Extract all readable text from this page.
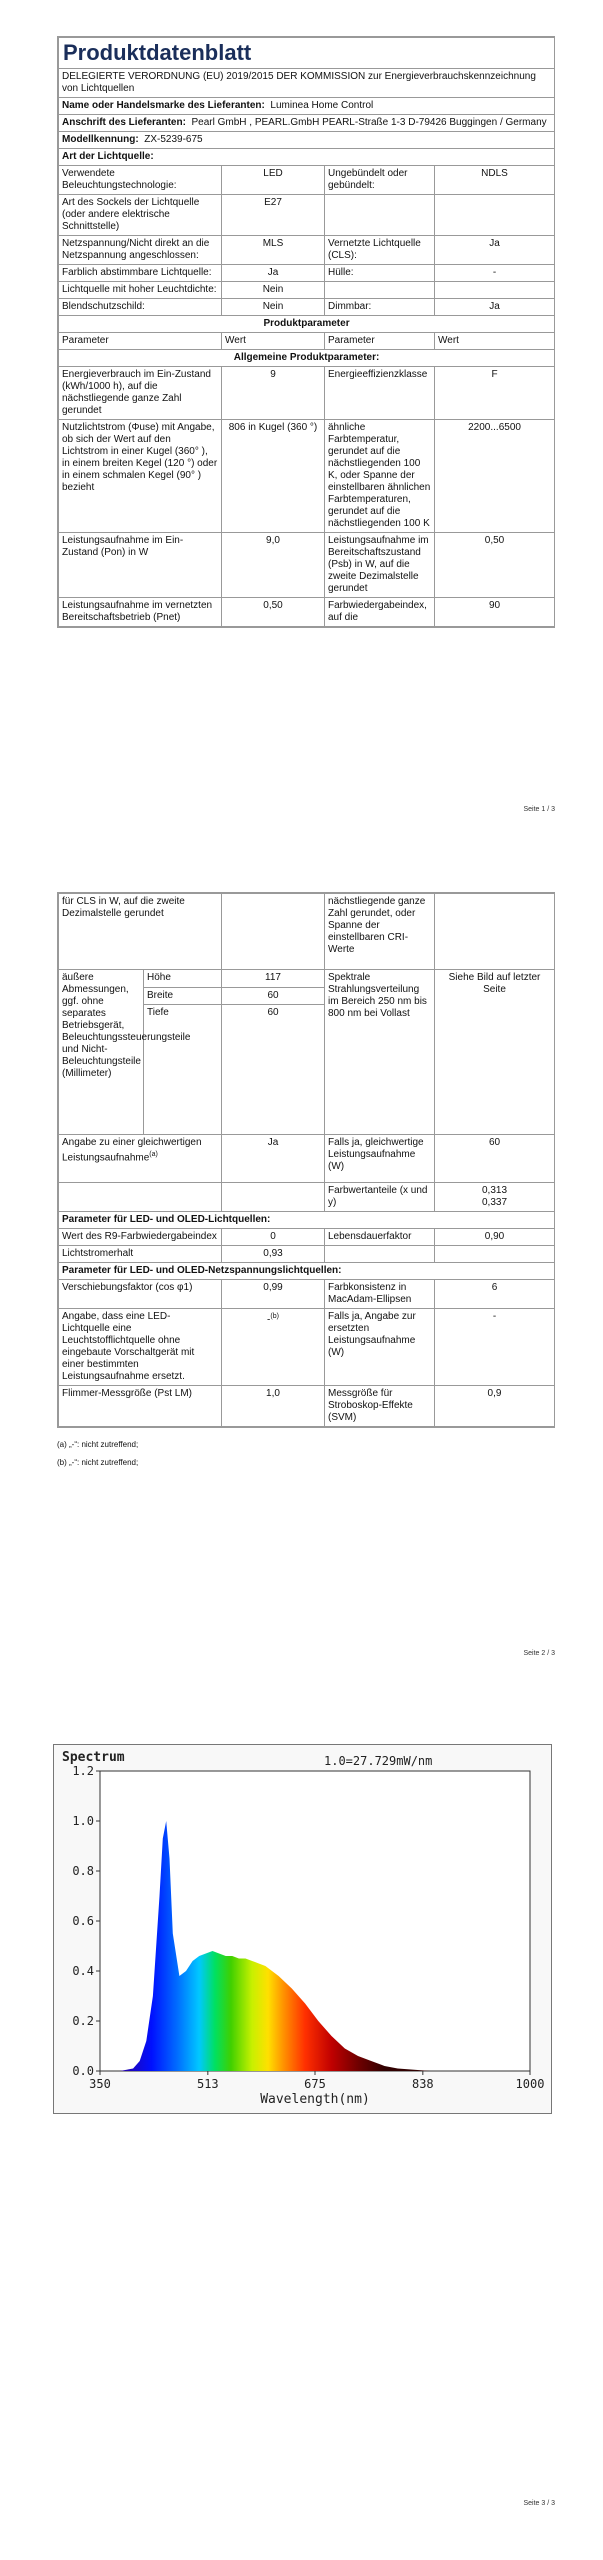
Produktdatenblatt			
DELEGIERTE VERORDNUNG (EU) 2019/2015 DER KOMMISSION zur Energieverbrauchskennzeichnung von Lichtquellen			
Name oder Handelsmarke des Lieferanten: Luminea Home Control			
Anschrift des Lieferanten: Pearl GmbH , PEARL.GmbH PEARL-Straße 1-3 D-79426 Buggingen / Germany			
Modellkennung: ZX-5239-675			
Art der Lichtquelle:			
Verwendete Beleuchtungstechnologie:	LED	Ungebündelt oder gebündelt:	NDLS
Art des Sockels der Lichtquelle (oder andere elektrische Schnittstelle)	E27		
Netzspannung/Nicht direkt an die Netzspannung angeschlossen:	MLS	Vernetzte Lichtquelle (CLS):	Ja
Farblich abstimmbare Lichtquelle:	Ja	Hülle:	-
Lichtquelle mit hoher Leuchtdichte:	Nein		
Blendschutzschild:	Nein	Dimmbar:	Ja
Produktparameter			
Parameter	Wert	Parameter	Wert
Allgemeine Produktparameter:			
Energieverbrauch im Ein-Zustand (kWh/1000 h), auf die nächstliegende ganze Zahl gerundet	9	Energieeffizienzklasse	F
Nutzlichtstrom (Φuse) mit Angabe, ob sich der Wert auf den Lichtstrom in einer Kugel (360° ), in einem breiten Kegel (120 °) oder in einem schmalen Kegel (90° ) bezieht	806 in Kugel (360 °)	ähnliche Farbtemperatur, gerundet auf die nächstliegenden 100 K, oder Spanne der einstellbaren ähnlichen Farbtemperaturen, gerundet auf die nächstliegenden 100 K	2200...6500
Leistungsaufnahme im Ein-Zustand (Pon) in W	9,0	Leistungsaufnahme im Bereitschaftszustand (Psb) in W, auf die zweite Dezimalstelle gerundet	0,50
Leistungsaufnahme im vernetzten Bereitschaftsbetrieb (Pnet)	0,50	Farbwiedergabeindex, auf die	90
Seite 1 / 3
für CLS in W, auf die zweite Dezimalstelle gerundet			nächstliegende ganze Zahl gerundet, oder Spanne der einstellbaren CRI-Werte	
äußere Abmessungen, ggf. ohne separates Betriebsgerät, Beleuchtungssteuerungsteile und Nicht-Beleuchtungsteile (Millimeter)	Höhe	117	Spektrale Strahlungsverteilung im Bereich 250 nm bis 800 nm bei Vollast	Siehe Bild auf letzter Seite
	Breite	60		
	Tiefe	60		
Angabe zu einer gleichwertigen Leistungsaufnahme$^{(a)}$		Ja	Falls ja, gleichwertige Leistungsaufnahme (W)	60
			Farbwertanteile (x und y)	0,313
0,337

Parameter für LED- und OLED-Lichtquellen:				
Wert des R9-Farbwiedergabeindex		0	Lebensdauerfaktor	0,90
Lichtstromerhalt		0,93		
Parameter für LED- und OLED-Netzspannungslichtquellen:				
Verschiebungsfaktor (cos φ1)		0,99	Farbkonsistenz in MacAdam-Ellipsen	6
Angabe, dass eine LED-Lichtquelle eine Leuchtstofflichtquelle ohne eingebaute Vorschaltgerät mit einer bestimmten Leistungsaufnahme ersetzt.		-$^{(b)}$	Falls ja, Angabe zur ersetzten Leistungsaufnahme (W)	-
Flimmer-Messgröße (Pst LM)		1,0	Messgröße für Stroboskop-Effekte (SVM)	0,9
(a) „-“: nicht zutreffend;
(b) „-“: nicht zutreffend;
Seite 2 / 3
0.0
0.2
0.4
0.6
0.8
1.0
1.2
350	513	675	838	1000
Spectrum	1.0=27.729mW/nm
Wavelength(nm)
Seite 3 / 3
